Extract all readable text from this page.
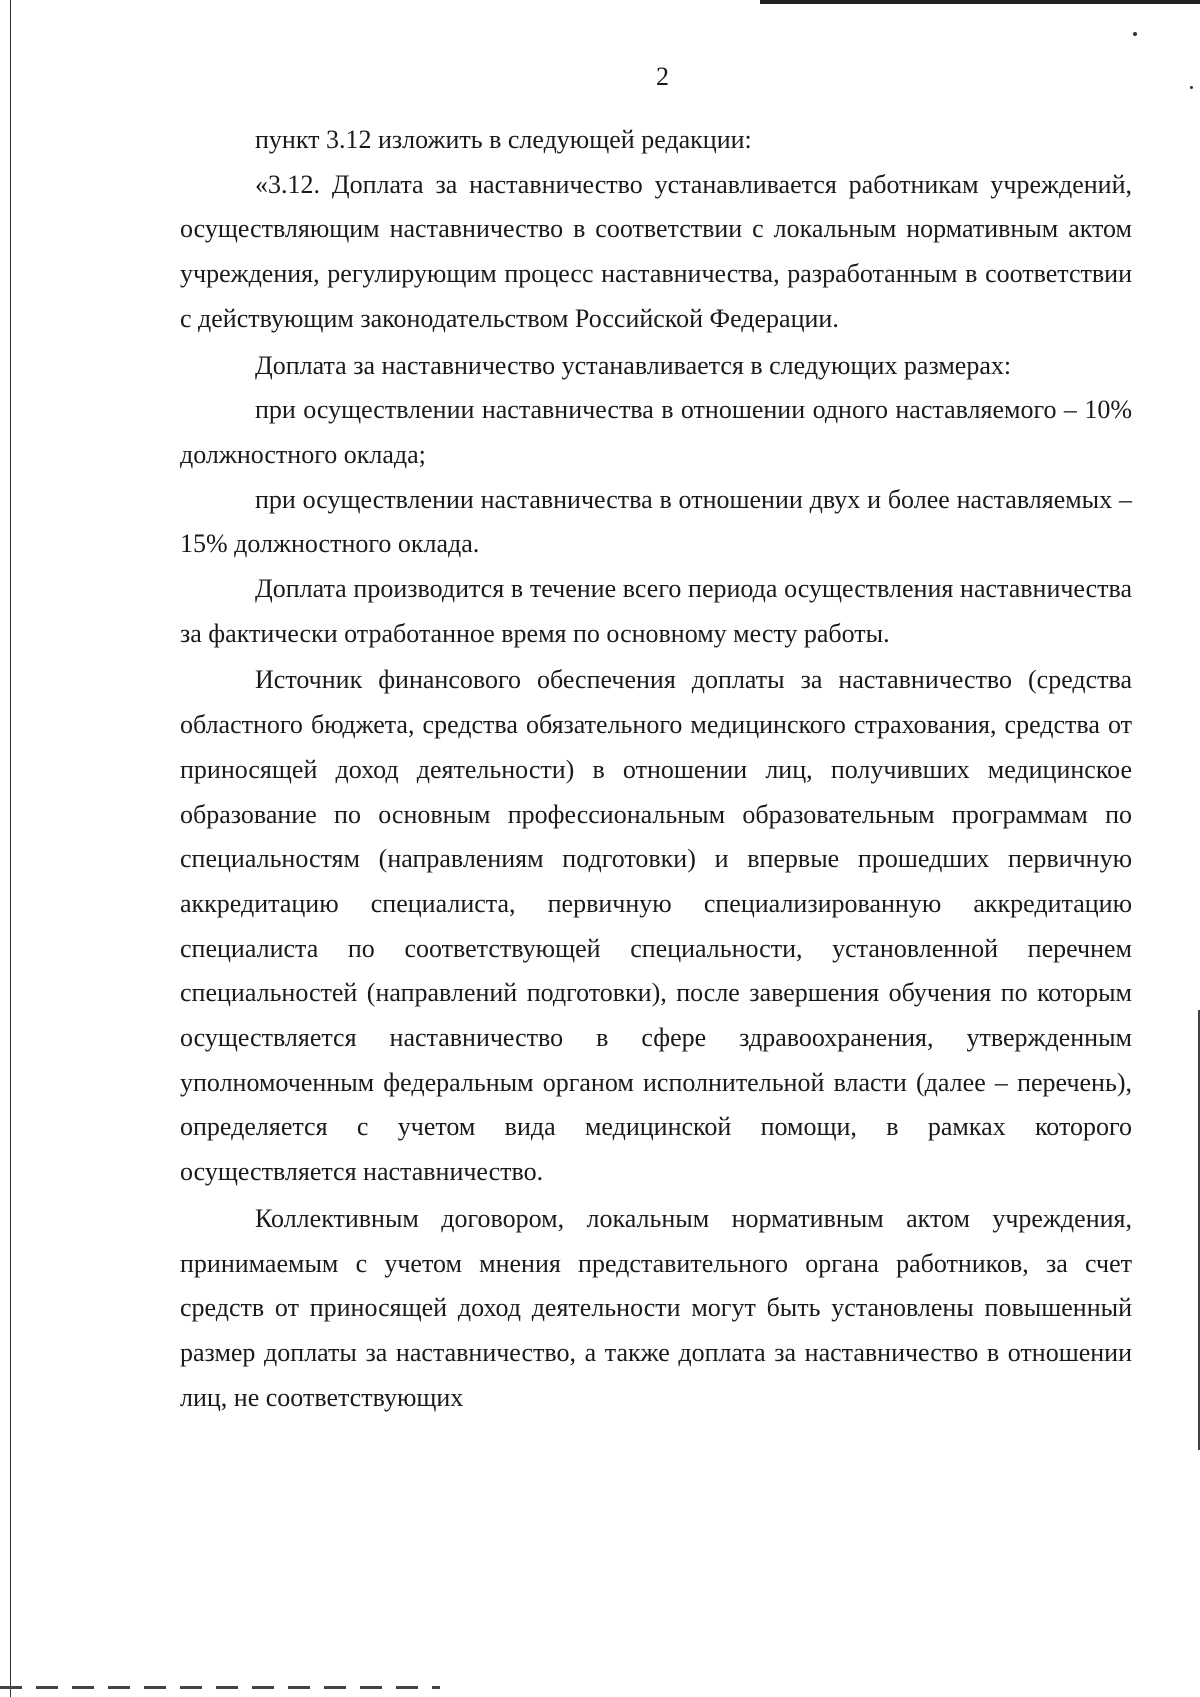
2

пункт 3.12 изложить в следующей редакции:

«3.12. Доплата за наставничество устанавливается работникам учреждений, осуществляющим наставничество в соответствии с локальным нормативным актом учреждения, регулирующим процесс наставничества, разработанным в соответствии с действующим законодательством Российской Федерации.

Доплата за наставничество устанавливается в следующих размерах:

при осуществлении наставничества в отношении одного наставляемого – 10% должностного оклада;

при осуществлении наставничества в отношении двух и более наставляемых – 15% должностного оклада.

Доплата производится в течение всего периода осуществления наставничества за фактически отработанное время по основному месту работы.

Источник финансового обеспечения доплаты за наставничество (средства областного бюджета, средства обязательного медицинского страхования, средства от приносящей доход деятельности) в отношении лиц, получивших медицинское образование по основным профессиональным образовательным программам по специальностям (направлениям подготовки) и впервые прошедших первичную аккредитацию специалиста, первичную специализированную аккредитацию специалиста по соответствующей специальности, установленной перечнем специальностей (направлений подготовки), после завершения обучения по которым осуществляется наставничество в сфере здравоохранения, утвержденным уполномоченным федеральным органом исполнительной власти (далее – перечень), определяется с учетом вида медицинской помощи, в рамках которого осуществляется наставничество.

Коллективным договором, локальным нормативным актом учреждения, принимаемым с учетом мнения представительного органа работников, за счет средств от приносящей доход деятельности могут быть установлены повышенный размер доплаты за наставничество, а также доплата за наставничество в отношении лиц, не соответствующих
